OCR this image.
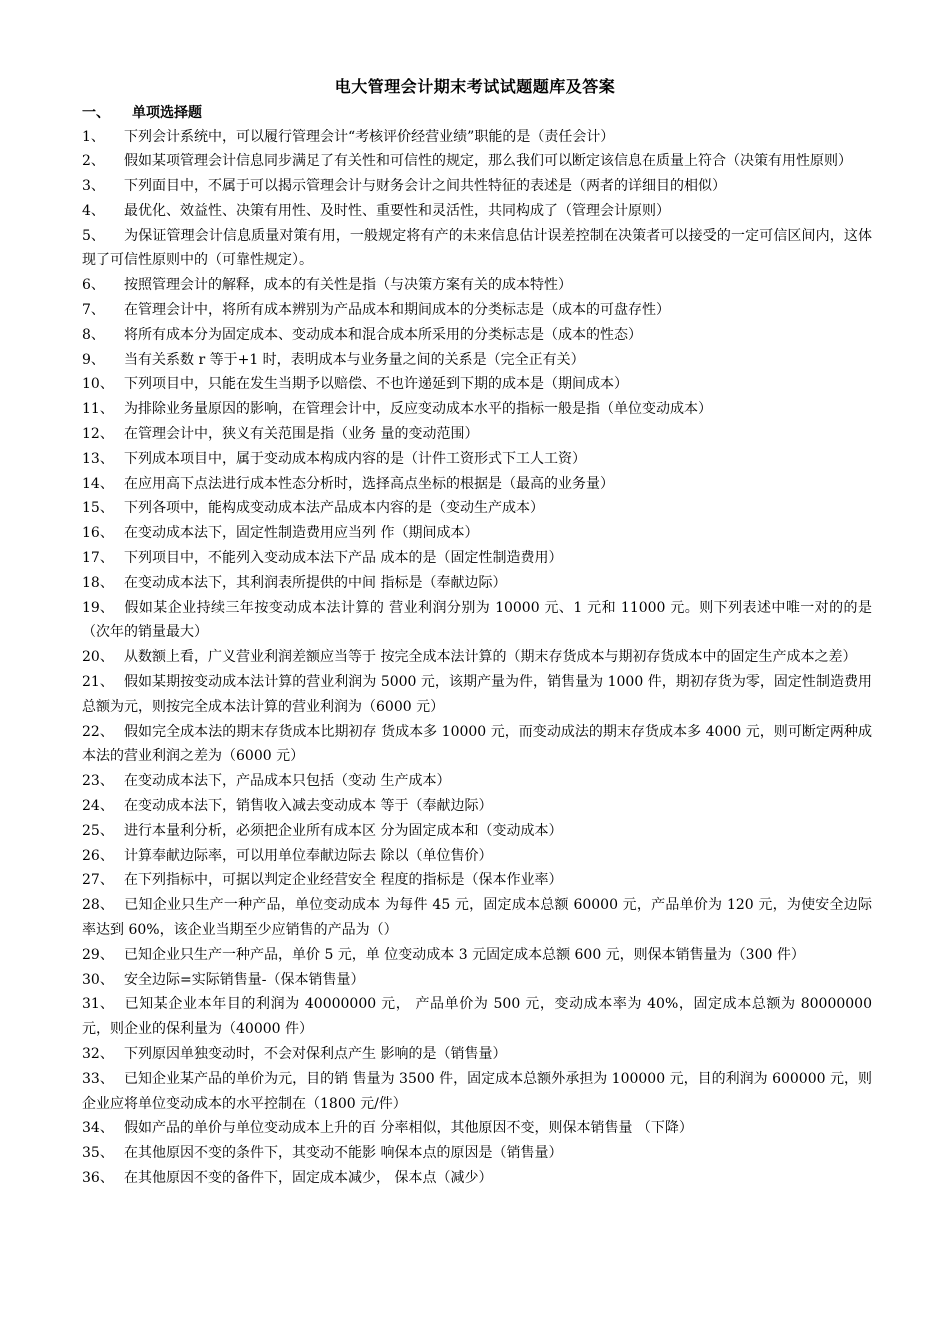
电大管理会计期末考试试题题库及答案
一、 单项选择题

1、 下列会计系统中，可以履行管理会计“考核评价经营业绩”职能的是（责任会计）

2、 假如某项管理会计信息同步满足了有关性和可信性的规定，那么我们可以断定该信息在质量上符合（决策有用性原则）

3、 下列面目中，不属于可以揭示管理会计与财务会计之间共性特征的表述是（两者的详细目的相似）

4、 最优化、效益性、决策有用性、及时性、重要性和灵活性，共同构成了（管理会计原则）

5、 为保证管理会计信息质量对策有用，一般规定将有产的未来信息估计误差控制在决策者可以接受的一定可信区间内，这体现了可信性原则中的（可靠性规定）。

6、 按照管理会计的解释，成本的有关性是指（与决策方案有关的成本特性）

7、 在管理会计中，将所有成本辨别为产品成本和期间成本的分类标志是（成本的可盘存性）

8、 将所有成本分为固定成本、变动成本和混合成本所采用的分类标志是（成本的性态）

9、 当有关系数 r 等于+1 时，表明成本与业务量之间的关系是（完全正有关）

10、 下列项目中，只能在发生当期予以赔偿、不也许递延到下期的成本是（期间成本）

11、 为排除业务量原因的影响，在管理会计中，反应变动成本水平的指标一般是指（单位变动成本）

12、 在管理会计中，狭义有关范围是指（业务 量的变动范围）

13、 下列成本项目中，属于变动成本构成内容的是（计件工资形式下工人工资）

14、 在应用高下点法进行成本性态分析时，选择高点坐标的根据是（最高的业务量）

15、 下列各项中，能构成变动成本法产品成本内容的是（变动生产成本）

16、 在变动成本法下，固定性制造费用应当列 作（期间成本）

17、 下列项目中，不能列入变动成本法下产品 成本的是（固定性制造费用）

18、 在变动成本法下，其利润表所提供的中间 指标是（奉献边际）

19、 假如某企业持续三年按变动成本法计算的 营业利润分别为 10000 元、1 元和 11000 元。则下列表述中唯一对的的是（次年的销量最大）

20、 从数额上看，广义营业利润差额应当等于 按完全成本法计算的（期末存货成本与期初存货成本中的固定生产成本之差）

21、 假如某期按变动成本法计算的营业利润为 5000 元，该期产量为件，销售量为 1000 件，期初存货为零，固定性制造费用总额为元，则按完全成本法计算的营业利润为（6000 元）

22、 假如完全成本法的期末存货成本比期初存 货成本多 10000 元，而变动成法的期末存货成本多 4000 元，则可断定两种成本法的营业利润之差为（6000 元）

23、 在变动成本法下，产品成本只包括（变动 生产成本）

24、 在变动成本法下，销售收入减去变动成本 等于（奉献边际）

25、 进行本量利分析，必须把企业所有成本区 分为固定成本和（变动成本）

26、 计算奉献边际率，可以用单位奉献边际去 除以（单位售价）

27、 在下列指标中，可据以判定企业经营安全 程度的指标是（保本作业率）

28、 已知企业只生产一种产品，单位变动成本 为每件 45 元，固定成本总额 60000 元，产品单价为 120 元，为使安全边际率达到 60%，该企业当期至少应销售的产品为（）

29、 已知企业只生产一种产品，单价 5 元，单 位变动成本 3 元固定成本总额 600 元，则保本销售量为（300 件）

30、 安全边际=实际销售量-（保本销售量）

31、 已知某企业本年目的利润为 40000000 元， 产品单价为 500 元，变动成本率为 40%，固定成本总额为 80000000 元，则企业的保利量为（40000 件）

32、 下列原因单独变动时，不会对保利点产生 影响的是（销售量）

33、 已知企业某产品的单价为元，目的销 售量为 3500 件，固定成本总额外承担为 100000 元，目的利润为 600000 元，则企业应将单位变动成本的水平控制在（1800 元/件）

34、 假如产品的单价与单位变动成本上升的百 分率相似，其他原因不变，则保本销售量 （下降）

35、 在其他原因不变的条件下，其变动不能影 响保本点的原因是（销售量）

36、 在其他原因不变的备件下，固定成本减少， 保本点（减少）
